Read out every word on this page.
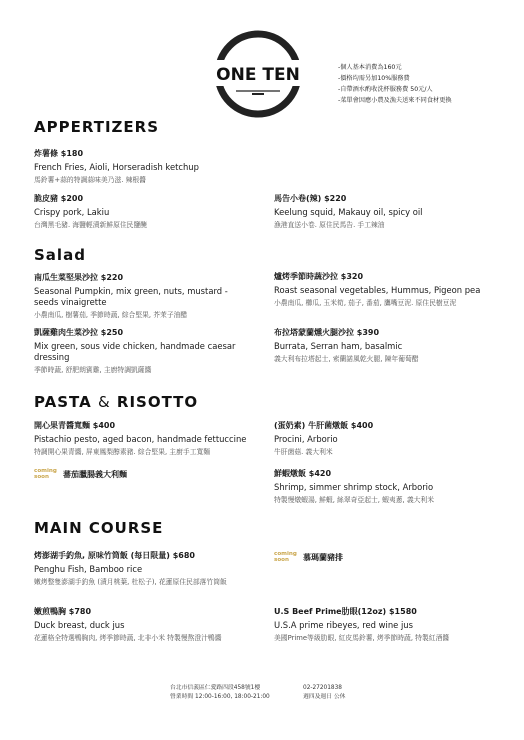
ONE TEN	-個人基本消費為160元
-價格均需另加10%服務費
-自帶酒水酌收洗杯服務費 50元/人
-菜單會因應小農及漁夫送來不同食材更換
APPERTIZERS
炸薯條 $180
French Fries, Aioli, Horseradish ketchup
馬鈴薯+蒜的特調蒜味美乃滋. 辣根醬
脆皮豬 $200
Crispy pork, Lakiu
台灣黑毛豬. 海鹽輕漬新鮮原住民鹽醃
馬告小卷(辣) $220
Keelung squid, Makauy oil, spicy oil
漁港直送小卷. 原住民馬告. 手工辣油
Salad
南瓜生菜堅果沙拉 $220
Seasonal Pumpkin, mix green, nuts, mustard - seeds vinaigrette
小農南瓜, 樹薯茄, 季節時蔬, 綜合堅果, 芥茉子油醋
爐烤季節時蔬沙拉 $320
Roast seasonal vegetables, Hummus, Pigeon pea
小農南瓜, 櫛瓜, 玉米筍, 茄子, 番茄, 鷹嘴豆泥. 原住民樹豆泥
凱薩雞肉生菜沙拉 $250
Mix green, sous vide chicken, handmade caesar dressing
季節時蔬, 舒肥朗賓雞, 主廚特調凱薩醬
布拉塔蒙蘭燻火腿沙拉 $390
Burrata, Serran ham, basalmic
義大利布拉塔起士, 索蘭諾風乾火腿, 陳年葡萄醋
PASTA & RISOTTO
開心果青醬寬麵 $400
Pistachio pesto, aged bacon, handmade fettuccine
特調開心果青醬, 屏東鳳梨醇素豬. 綜合堅果, 主廚手工寬麵
(蛋奶素) 牛肝菌燉飯 $400
Procini, Arborio
牛肝菌菇. 義大利米
coming soon	蕃茄臘腸義大利麵	鮮蝦燉飯 $420
Shrimp, simmer shrimp stock, Arborio
特製慢燉蝦湯, 鮮蝦, 絲翠奇亞起士, 蝦夷蔥, 義大利米
MAIN COURSE
烤澎湖手釣魚, 原味竹筒飯 (每日限量) $680
Penghu Fish, Bamboo rice
嫩烤整隻澎湖手釣魚 (漬月桃葉, 杜松子), 花蓮原住民部落竹筒飯
coming soon	慕瑪蘭豬排
嫩煎鴨胸 $780
Duck breast, duck jus
花蓮格全特選鴨胸肉, 烤季節時蔬, 北非小米 特製慢熬澄汁鴨醬
U.S Beef Prime肋眼(12oz) $1580
U.S.A prime ribeyes, red wine jus
美國Prime等級肋眼, 紅皮馬鈴薯, 烤季節時蔬, 特製紅酒醬
台北市信義區仁愛路四段458號1樓
營業時間 12:00-16:00, 18:00-21:00
02-27201838
週四及週日 公休
